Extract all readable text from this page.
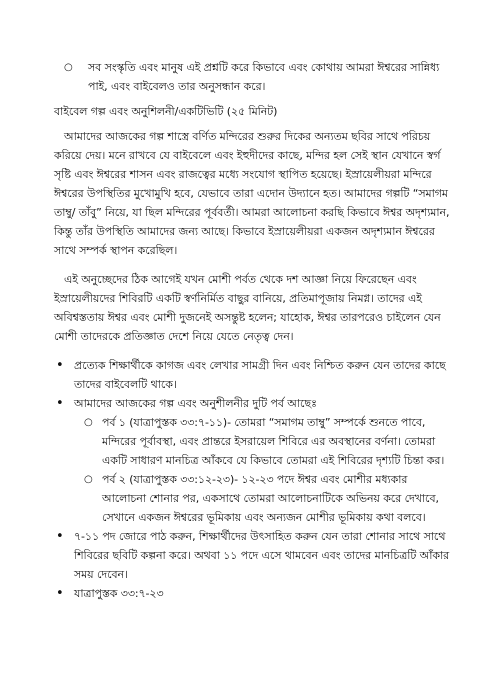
○	সব সংস্কৃতি এবং মানুষ এই প্রশ্নটি করে কিভাবে এবং কোথায় আমরা ঈশ্বরের সান্নিধ্য পাই, এবং বাইবেলও তার অনুসন্ধান করে।
বাইবেল গল্প এবং অনুশিলনী/একটিভিটি (২৫ মিনিট)

আমাদের আজকের গল্প শাস্ত্রে বর্ণিত মন্দিরের শুরুর দিকের অন্যতম ছবির সাথে পরিচয় করিয়ে দেয়। মনে রাখবে যে বাইবেলে এবং ইহুদীদের কাছে, মন্দির হল সেই স্থান যেখানে স্বর্গ সৃষ্টি এবং ঈশ্বরের শাসন এবং রাজত্বের মধ্যে সংযোগ স্থাপিত হয়েছে। ইস্রায়েলীয়রা মন্দিরে ঈশ্বরের উপস্থিতির মুখোমুখি হবে, যেভাবে তারা এদোন উদ্যানে হত। আমাদের গল্পটি “সমাগম তাম্বু/ তাঁবু” নিয়ে, যা ছিল মন্দিরের পূর্ববর্তী। আমরা আলোচনা করছি কিভাবে ঈশ্বর অদৃশ্যমান, কিন্তু তাঁর উপস্থিতি আমাদের জন্য আছে। কিভাবে ইস্রায়েলীয়রা একজন অদৃশ্যমান ঈশ্বরের সাথে সম্পর্ক স্থাপন করেছিল।

এই অনুচ্ছেদের ঠিক আগেই যখন মোশী পর্বত থেকে দশ আজ্ঞা নিয়ে ফিরেছেন এবং ইস্রায়েলীয়দের শিবিরটি একটি স্বর্ণনির্মিত বাছুর বানিয়ে, প্রতিমাপূজায় নিমগ্ন। তাদের এই অবিশ্বস্ততায় ঈশ্বর এবং মোশী দুজনেই অসন্তুষ্ট হলেন; যাহোক, ঈশ্বর তারপরেও চাইলেন যেন মোশী তাদেরকে প্রতিজ্ঞাত দেশে নিয়ে যেতে নেতৃত্ব দেন।

• প্রত্যেক শিক্ষার্থীকে কাগজ এবং লেখার সামগ্রী দিন এবং নিশ্চিত করুন যেন তাদের কাছে তাদের বাইবেলটি থাকে।
• আমাদের আজকের গল্প এবং অনুশীলনীর দুটি পর্ব আছেঃ
○ পর্ব ১ (যাত্রাপুস্তক ৩৩:৭-১১)- তোমরা “সমাগম তাম্বু” সম্পর্কে শুনতে পাবে, মন্দিরের পূর্বাবস্থা, এবং প্রান্তরে ইসরায়েল শিবিরে এর অবস্থানের বর্ণনা। তোমরা একটি সাধারণ মানচিত্র আঁকবে যে কিভাবে তোমরা এই শিবিরের দৃশ্যটি চিন্তা কর।
○ পর্ব ২ (যাত্রাপুস্তক ৩৩:১২-২৩)- ১২-২৩ পদে ঈশ্বর এবং মোশীর মধ্যকার আলোচনা শোনার পর, একসাথে তোমরা আলোচনাটিকে অভিনয় করে দেখাবে, সেখানে একজন ঈশ্বরের ভূমিকায় এবং অন্যজন মোশীর ভূমিকায় কথা বলবে।
• ৭-১১ পদ জোরে পাঠ করুন, শিক্ষার্থীদের উৎসাহিত করুন যেন তারা শোনার সাথে সাথে শিবিরের ছবিটি কল্পনা করে। অথবা ১১ পদে এসে থামবেন এবং তাদের মানচিত্রটি আঁকার সময় দেবেন।
• যাত্রাপুস্তক ৩৩:৭-২৩
